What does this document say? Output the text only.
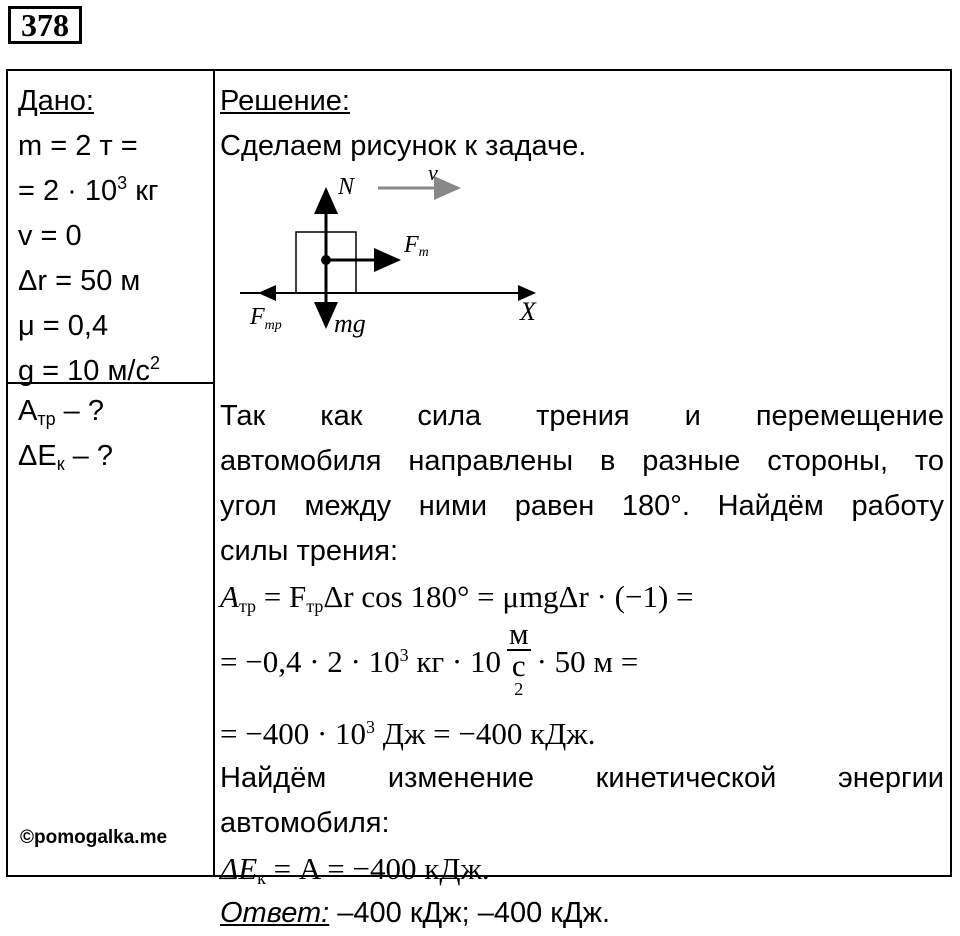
378
Дано:
m = 2 т =
= $2 \cdot 10^3$ кг
v = 0
Δr = 50 м
μ = 0,4
g = 10 $м/с^2$
$A_{тр}$ – ?
$\Delta E_к$ – ?
©pomogalka.me

Решение:

Сделаем рисунок к задаче.

Так как сила трения и перемещение

автомобиля направлены в разные стороны, то

угол между ними равен 180°. Найдём работу

силы трения:

$A_{тр} = F_{тр}\Delta r$ cos 180° = μmgΔr · (−1) =

= $-0,4 \cdot 2 \cdot 10^3$ кг · 10 м
с
$^2$ · 50 м =

= $-400 \cdot 10^3$ Дж = −400 кДж.

Найдём изменение кинетической энергии

автомобиля:

$\Delta E_к = A = -400$ кДж.

Ответ: –400 кДж; –400 кДж.

N
v
Fт
$F_{тр}$ mg	X
